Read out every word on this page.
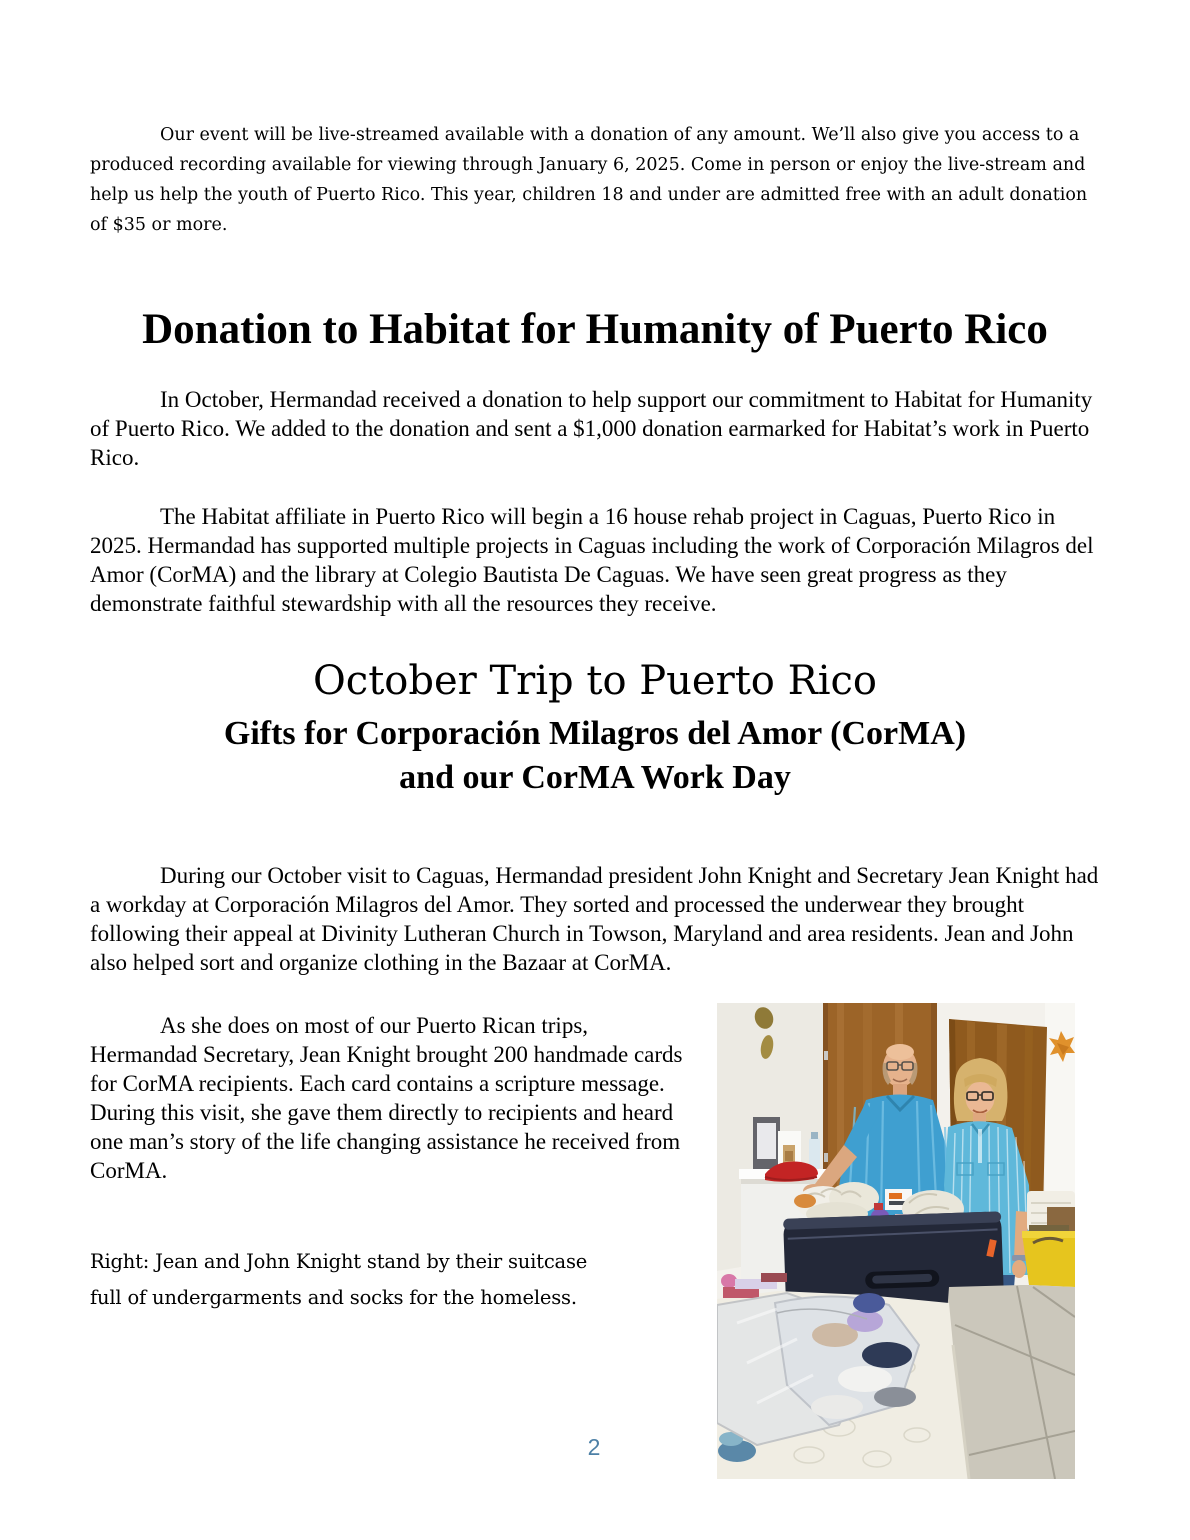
Our event will be live-streamed available with a donation of any amount. We’ll also give you access to a produced recording available for viewing through January 6, 2025. Come in person or enjoy the live-stream and help us help the youth of Puerto Rico. This year, children 18 and under are admitted free with an adult donation of $35 or more.

Donation to Habitat for Humanity of Puerto Rico

In October, Hermandad received a donation to help support our commitment to Habitat for Humanity of Puerto Rico. We added to the donation and sent a $1,000 donation earmarked for Habitat’s work in Puerto Rico.

The Habitat affiliate in Puerto Rico will begin a 16 house rehab project in Caguas, Puerto Rico in 2025. Hermandad has supported multiple projects in Caguas including the work of Corporación Milagros del Amor (CorMA) and the library at Colegio Bautista De Caguas. We have seen great progress as they demonstrate faithful stewardship with all the resources they receive.

October Trip to Puerto Rico
Gifts for Corporación Milagros del Amor (CorMA)
and our CorMA Work Day

During our October visit to Caguas, Hermandad president John Knight and Secretary Jean Knight had a workday at Corporación Milagros del Amor. They sorted and processed the underwear they brought following their appeal at Divinity Lutheran Church in Towson, Maryland and area residents. Jean and John also helped sort and organize clothing in the Bazaar at CorMA.

As she does on most of our Puerto Rican trips, Hermandad Secretary, Jean Knight brought 200 handmade cards for CorMA recipients. Each card contains a scripture message. During this visit, she gave them directly to recipients and heard one man’s story of the life changing assistance he received from CorMA.

Right: Jean and John Knight stand by their suitcase full of undergarments and socks for the homeless.

2
